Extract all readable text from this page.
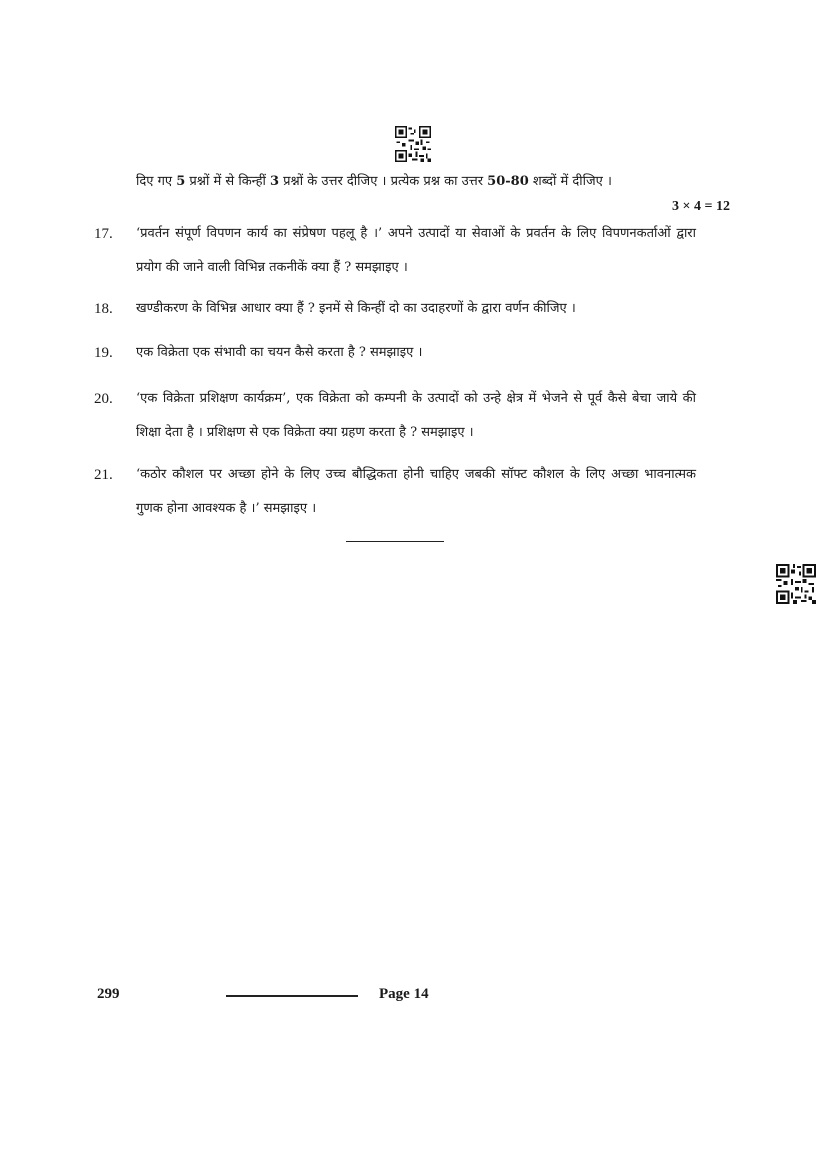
दिए गए 5 प्रश्नों में से किन्हीं 3 प्रश्नों के उत्तर दीजिए । प्रत्येक प्रश्न का उत्तर 50-80 शब्दों में दीजिए ।
3 × 4 = 12
17.	‘प्रवर्तन संपूर्ण विपणन कार्य का संप्रेषण पहलू है ।’ अपने उत्पादों या सेवाओं के प्रवर्तन के लिए विपणनकर्ताओं द्वारा प्रयोग की जाने वाली विभिन्न तकनीकें क्या हैं ? समझाइए ।
18.	खण्डीकरण के विभिन्न आधार क्या हैं ? इनमें से किन्हीं दो का उदाहरणों के द्वारा वर्णन कीजिए ।
19.	एक विक्रेता एक संभावी का चयन कैसे करता है ? समझाइए ।
20.	‘एक विक्रेता प्रशिक्षण कार्यक्रम’, एक विक्रेता को कम्पनी के उत्पादों को उन्हे क्षेत्र में भेजने से पूर्व कैसे बेचा जाये की शिक्षा देता है । प्रशिक्षण से एक विक्रेता क्या ग्रहण करता है ? समझाइए ।
21.	‘कठोर कौशल पर अच्छा होने के लिए उच्च बौद्धिकता होनी चाहिए जबकी सॉफ्ट कौशल के लिए अच्छा भावनात्मक गुणक होना आवश्यक है ।’ समझाइए ।
299	Page 14
